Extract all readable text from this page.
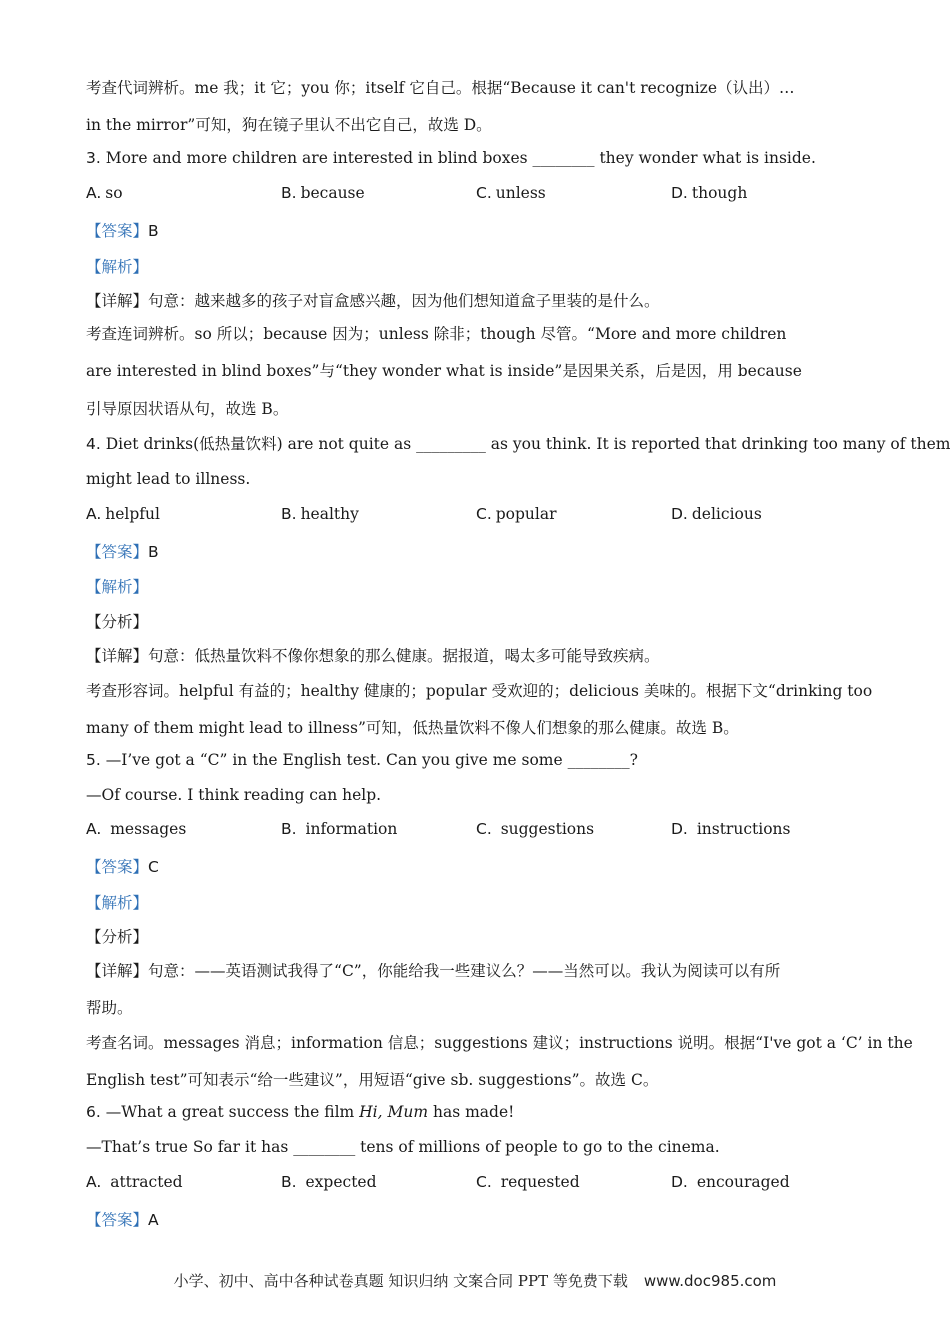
考查代词辨析。me 我；it 它；you 你；itself 它自己。根据“Because it can't recognize（认出）…
in the mirror”可知，狗在镜子里认不出它自己，故选 D。
3. More and more children are interested in blind boxes ________ they wonder what is inside.
A. so	B. because	C. unless	D. though
【答案】B
【解析】
【详解】句意：越来越多的孩子对盲盒感兴趣，因为他们想知道盒子里装的是什么。
考查连词辨析。so 所以；because 因为；unless 除非；though 尽管。“More and more children
are interested in blind boxes”与“they wonder what is inside”是因果关系，后是因，用 because
引导原因状语从句，故选 B。
4. Diet drinks(低热量饮料) are not quite as _________ as you think. It is reported that drinking too many of them
might lead to illness.
A. helpful	B. healthy	C. popular	D. delicious
【答案】B
【解析】
【分析】
【详解】句意：低热量饮料不像你想象的那么健康。据报道，喝太多可能导致疾病。
考查形容词。helpful 有益的；healthy 健康的；popular 受欢迎的；delicious 美味的。根据下文“drinking too
many of them might lead to illness”可知，低热量饮料不像人们想象的那么健康。故选 B。
5. —I’ve got a “C” in the English test. Can you give me some ________?
—Of course. I think reading can help.
A. messages	B. information	C. suggestions	D. instructions
【答案】C
【解析】
【分析】
【详解】句意：——英语测试我得了“C”，你能给我一些建议么？——当然可以。我认为阅读可以有所
帮助。
考查名词。messages 消息；information 信息；suggestions 建议；instructions 说明。根据“I've got a ‘C’ in the
English test”可知表示“给一些建议”，用短语“give sb. suggestions”。故选 C。
6. —What a great success the film Hi, Mum has made!
—That’s true So far it has ________ tens of millions of people to go to the cinema.
A. attracted	B. expected	C. requested	D. encouraged
【答案】A
小学、初中、高中各种试卷真题 知识归纳 文案合同 PPT 等免费下载 www.doc985.com
